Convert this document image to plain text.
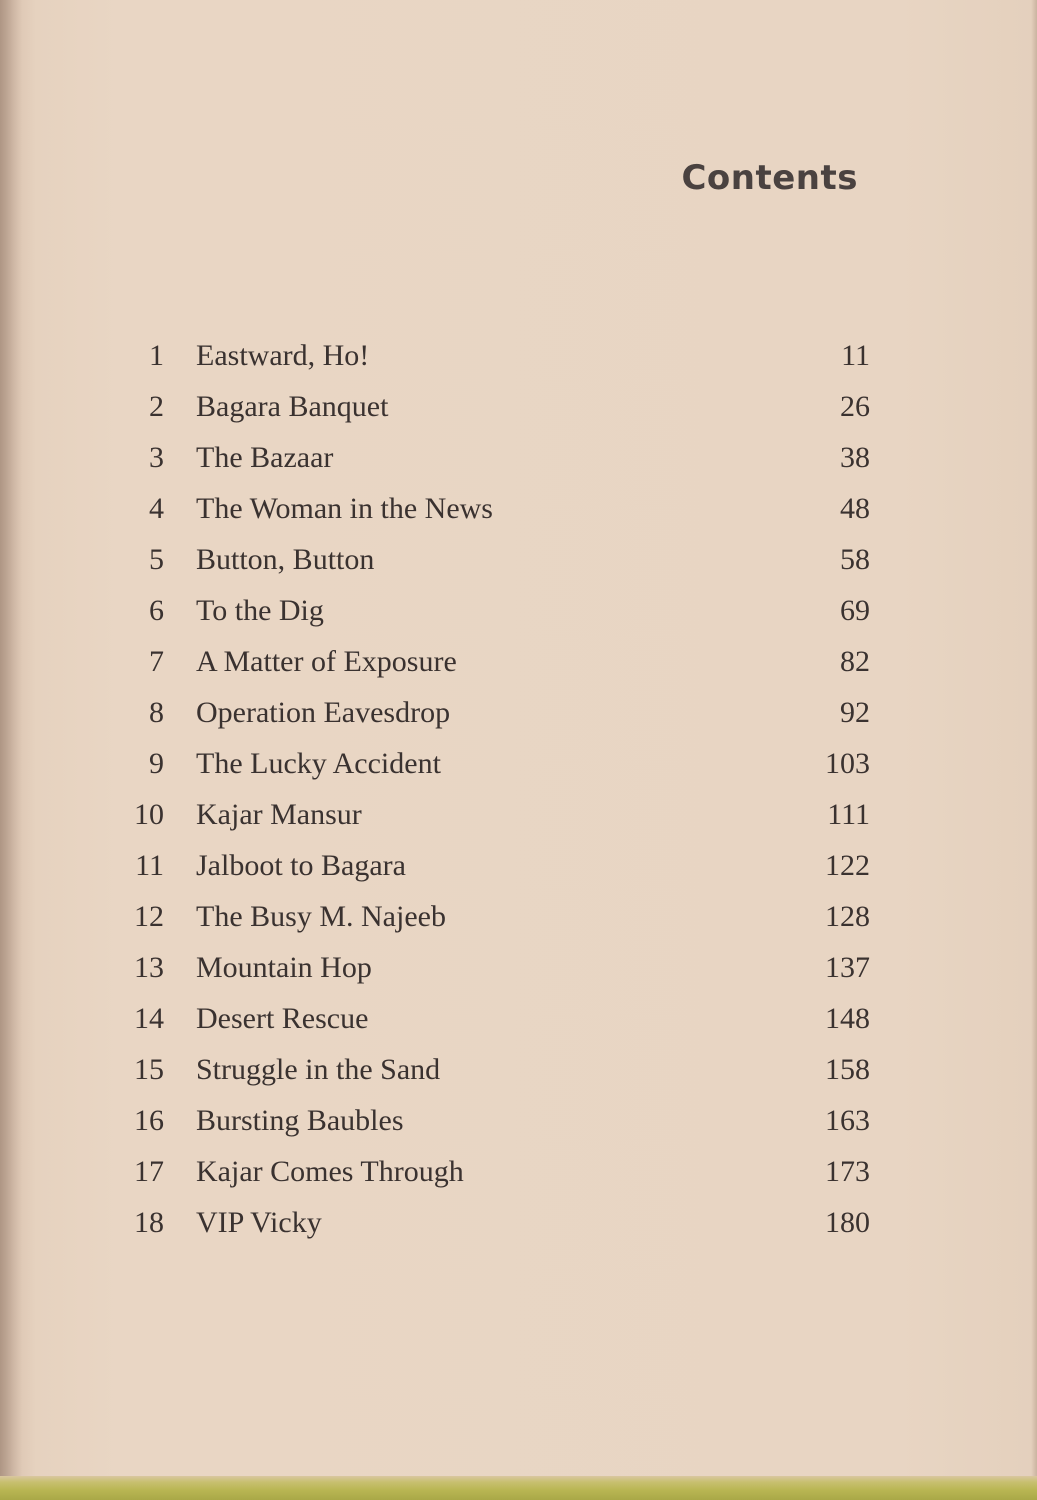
Contents
1 Eastward, Ho!	11
2 Bagara Banquet	26
3 The Bazaar	38
4 The Woman in the News	48
5 Button, Button	58
6 To the Dig	69
7 A Matter of Exposure	82
8 Operation Eavesdrop	92
9 The Lucky Accident	103
10 Kajar Mansur	111
11 Jalboot to Bagara	122
12 The Busy M. Najeeb	128
13 Mountain Hop	137
14 Desert Rescue	148
15 Struggle in the Sand	158
16 Bursting Baubles	163
17 Kajar Comes Through	173
18 VIP Vicky	180
